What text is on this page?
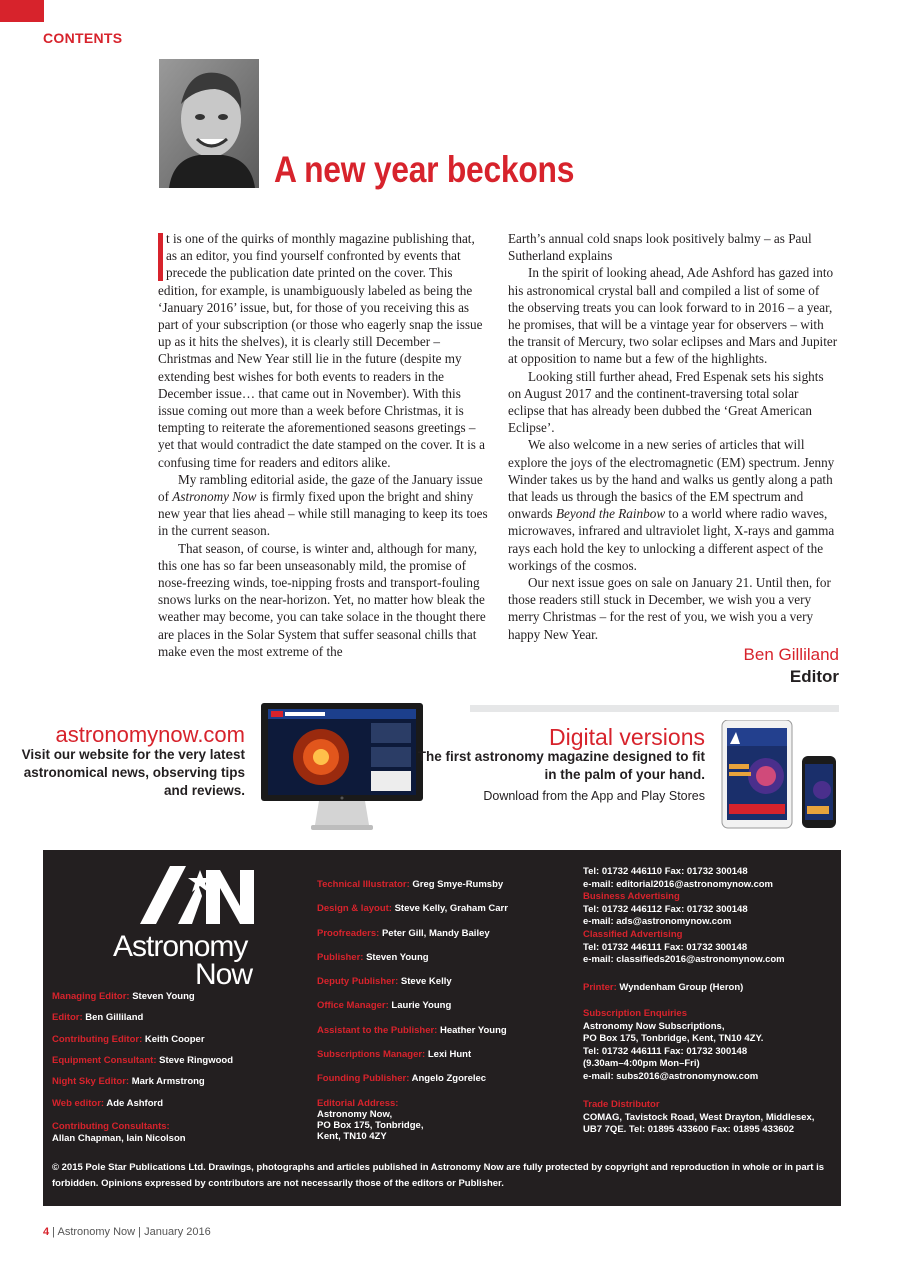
CONTENTS
A new year beckons

t is one of the quirks of monthly magazine publishing that, as an editor, you find yourself confronted by events that precede the publication date printed on the cover. This edition, for example, is unambiguously labeled as being the ‘January 2016’ issue, but, for those of you receiving this as part of your subscription (or those who eagerly snap the issue up as it hits the shelves), it is clearly still December – Christmas and New Year still lie in the future (despite my extending best wishes for both events to readers in the December issue… that came out in November). With this issue coming out more than a week before Christmas, it is tempting to reiterate the aforementioned seasons greetings – yet that would contradict the date stamped on the cover. It is a confusing time for readers and editors alike.

My rambling editorial aside, the gaze of the January issue of Astronomy Now is firmly fixed upon the bright and shiny new year that lies ahead – while still managing to keep its toes in the current season.

That season, of course, is winter and, although for many, this one has so far been unseasonably mild, the promise of nose-freezing winds, toe-nipping frosts and transport-fouling snows lurks on the near-horizon. Yet, no matter how bleak the weather may become, you can take solace in the thought there are places in the Solar System that suffer seasonal chills that make even the most extreme of the

Earth’s annual cold snaps look positively balmy – as Paul Sutherland explains

In the spirit of looking ahead, Ade Ashford has gazed into his astronomical crystal ball and compiled a list of some of the observing treats you can look forward to in 2016 – a year, he promises, that will be a vintage year for observers – with the transit of Mercury, two solar eclipses and Mars and Jupiter at opposition to name but a few of the highlights.

Looking still further ahead, Fred Espenak sets his sights on August 2017 and the continent-traversing total solar eclipse that has already been dubbed the ‘Great American Eclipse’.

We also welcome in a new series of articles that will explore the joys of the electromagnetic (EM) spectrum. Jenny Winder takes us by the hand and walks us gently along a path that leads us through the basics of the EM spectrum and onwards Beyond the Rainbow to a world where radio waves, microwaves, infrared and ultraviolet light, X-rays and gamma rays each hold the key to unlocking a different aspect of the workings of the cosmos.

Our next issue goes on sale on January 21. Until then, for those readers still stuck in December, we wish you a very merry Christmas – for the rest of you, we wish you a very happy New Year.

Ben Gilliland
Editor
astronomynow.com
Visit our website for the very latest astronomical news, observing tips and reviews.
Digital versions
The first astronomy magazine designed to fit in the palm of your hand.
Download from the App and Play Stores
Astronomy
Now
Managing Editor: Steven Young
Editor: Ben Gilliland
Contributing Editor: Keith Cooper
Equipment Consultant: Steve Ringwood
Night Sky Editor: Mark Armstrong
Web editor: Ade Ashford
Contributing Consultants:
Allan Chapman, Iain Nicolson
Technical Illustrator: Greg Smye-Rumsby
Design & layout: Steve Kelly, Graham Carr
Proofreaders: Peter Gill, Mandy Bailey
Publisher: Steven Young
Deputy Publisher: Steve Kelly
Office Manager: Laurie Young
Assistant to the Publisher: Heather Young
Subscriptions Manager: Lexi Hunt
Founding Publisher: Angelo Zgorelec
Editorial Address:
Astronomy Now,
PO Box 175, Tonbridge,
Kent, TN10 4ZY
Tel: 01732 446110 Fax: 01732 300148
e-mail: editorial2016@astronomynow.com
Business Advertising
Tel: 01732 446112 Fax: 01732 300148
e-mail: ads@astronomynow.com
Classified Advertising
Tel: 01732 446111 Fax: 01732 300148
e-mail: classifieds2016@astronomynow.com
Printer: Wyndenham Group (Heron)
Subscription Enquiries
Astronomy Now Subscriptions,
PO Box 175, Tonbridge, Kent, TN10 4ZY.
Tel: 01732 446111 Fax: 01732 300148
(9.30am–4:00pm Mon–Fri)
e-mail: subs2016@astronomynow.com
Trade Distributor
COMAG, Tavistock Road, West Drayton, Middlesex,
UB7 7QE. Tel: 01895 433600 Fax: 01895 433602
© 2015 Pole Star Publications Ltd. Drawings, photographs and articles published in Astronomy Now are fully protected by copyright and reproduction in whole or in part is forbidden. Opinions expressed by contributors are not necessarily those of the editors or Publisher.
4 | Astronomy Now | January 2016
